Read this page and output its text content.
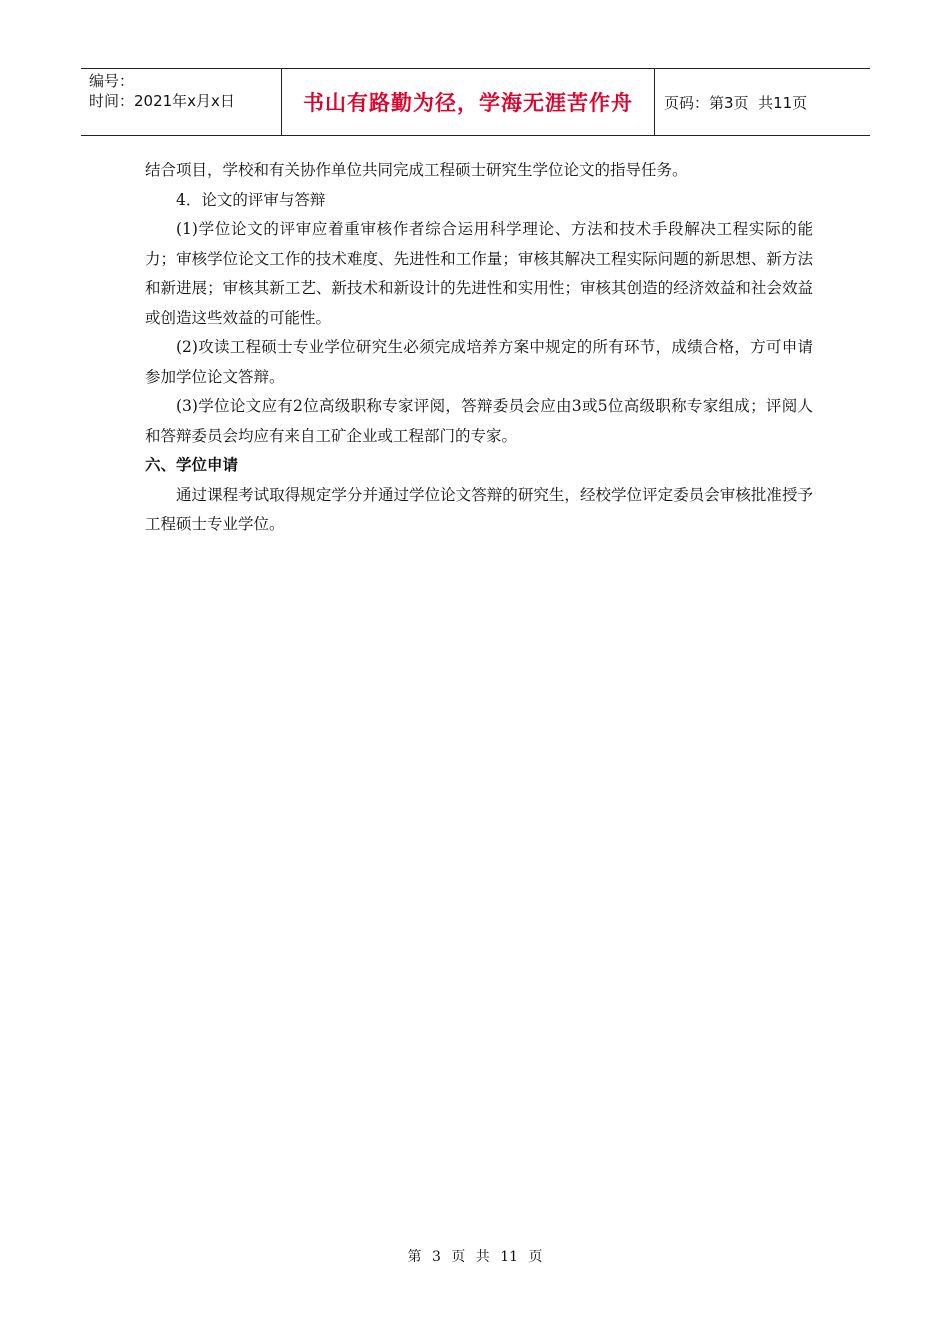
编号：
时间：2021年x月x日	书山有路勤为径，学海无涯苦作舟 页码：第3页  共11页

结合项目，学校和有关协作单位共同完成工程硕士研究生学位论文的指导任务。

4．论文的评审与答辩

(1)学位论文的评审应着重审核作者综合运用科学理论、方法和技术手段解决工程实际的能力；审核学位论文工作的技术难度、先进性和工作量；审核其解决工程实际问题的新思想、新方法和新进展；审核其新工艺、新技术和新设计的先进性和实用性；审核其创造的经济效益和社会效益或创造这些效益的可能性。

(2)攻读工程硕士专业学位研究生必须完成培养方案中规定的所有环节，成绩合格，方可申请参加学位论文答辩。

(3)学位论文应有2位高级职称专家评阅，答辩委员会应由3或5位高级职称专家组成；评阅人和答辩委员会均应有来自工矿企业或工程部门的专家。

六、学位申请

通过课程考试取得规定学分并通过学位论文答辩的研究生，经校学位评定委员会审核批准授予工程硕士专业学位。

第 3 页 共 11 页
